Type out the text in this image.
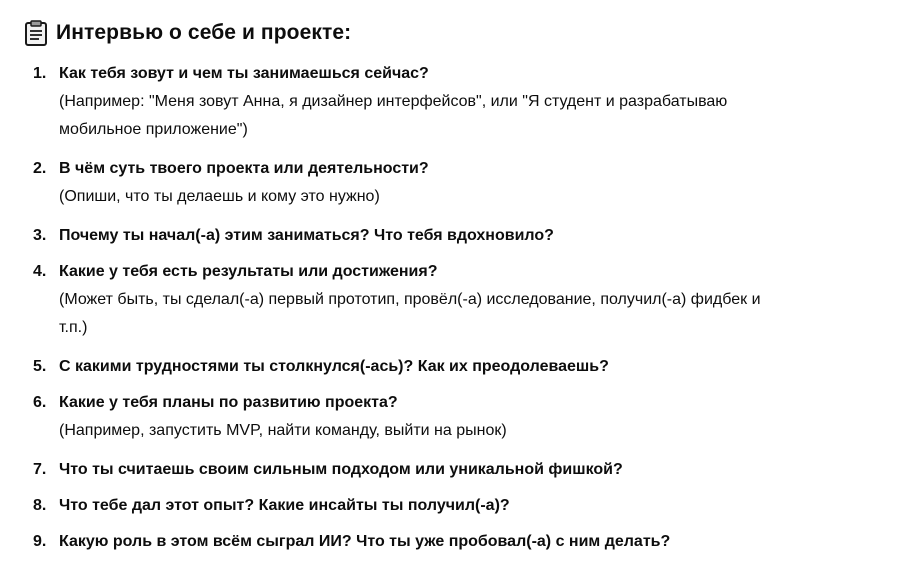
Интервью о себе и проекте:
1. Как тебя зовут и чем ты занимаешься сейчас?
(Например: "Меня зовут Анна, я дизайнер интерфейсов", или "Я студент и разрабатываю мобильное приложение")
2. В чём суть твоего проекта или деятельности?
(Опиши, что ты делаешь и кому это нужно)
3. Почему ты начал(-а) этим заниматься? Что тебя вдохновило?
4. Какие у тебя есть результаты или достижения?
(Может быть, ты сделал(-а) первый прототип, провёл(-а) исследование, получил(-а) фидбек и т.п.)
5. С какими трудностями ты столкнулся(-ась)? Как их преодолеваешь?
6. Какие у тебя планы по развитию проекта?
(Например, запустить MVP, найти команду, выйти на рынок)
7. Что ты считаешь своим сильным подходом или уникальной фишкой?
8. Что тебе дал этот опыт? Какие инсайты ты получил(-а)?
9. Какую роль в этом всём сыграл ИИ? Что ты уже пробовал(-а) с ним делать?
